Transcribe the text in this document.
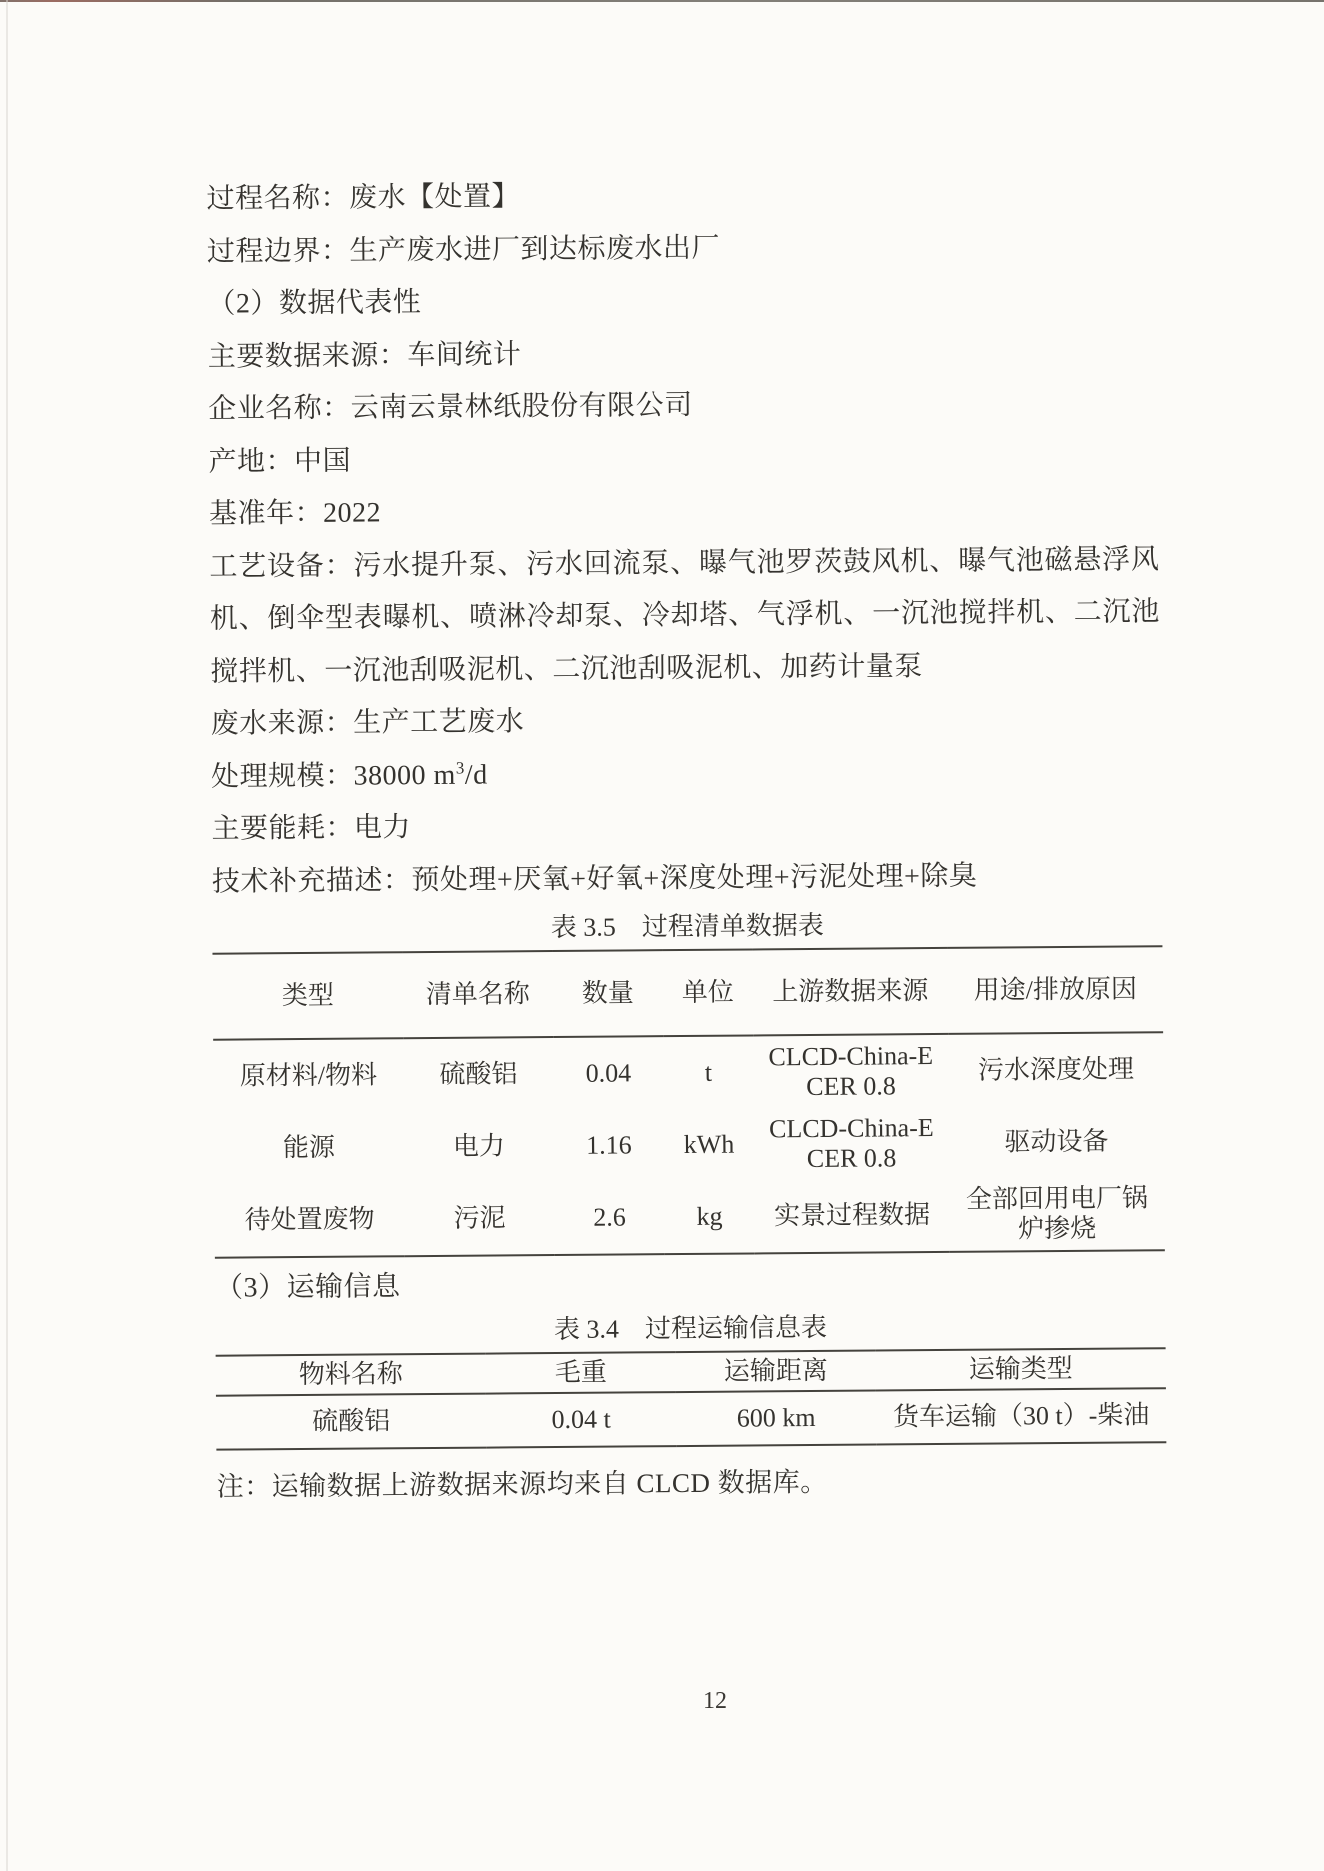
过程名称：废水【处置】

过程边界：生产废水进厂到达标废水出厂

（2）数据代表性

主要数据来源：车间统计

企业名称：云南云景林纸股份有限公司

产地：中国

基准年：2022

工艺设备：污水提升泵、污水回流泵、曝气池罗茨鼓风机、曝气池磁悬浮风机、倒伞型表曝机、喷淋冷却泵、冷却塔、气浮机、一沉池搅拌机、二沉池搅拌机、一沉池刮吸泥机、二沉池刮吸泥机、加药计量泵

废水来源：生产工艺废水

处理规模：38000 $m^3/d$

主要能耗：电力

技术补充描述：预处理+厌氧+好氧+深度处理+污泥处理+除臭

表 3.5 过程清单数据表
类型	清单名称	数量	单位	上游数据来源	用途/排放原因
原材料/物料	硫酸铝	0.04	t	CLCD-China-E CER 0.8	污水深度处理
能源	电力	1.16	kWh	CLCD-China-E CER 0.8	驱动设备
待处置废物	污泥	2.6	kg	实景过程数据	全部回用电厂锅炉掺烧

（3）运输信息

表 3.4 过程运输信息表
物料名称	毛重	运输距离	运输类型
硫酸铝	0.04 t	600 km	货车运输（30 t）-柴油

注：运输数据上游数据来源均来自 CLCD 数据库。

12
